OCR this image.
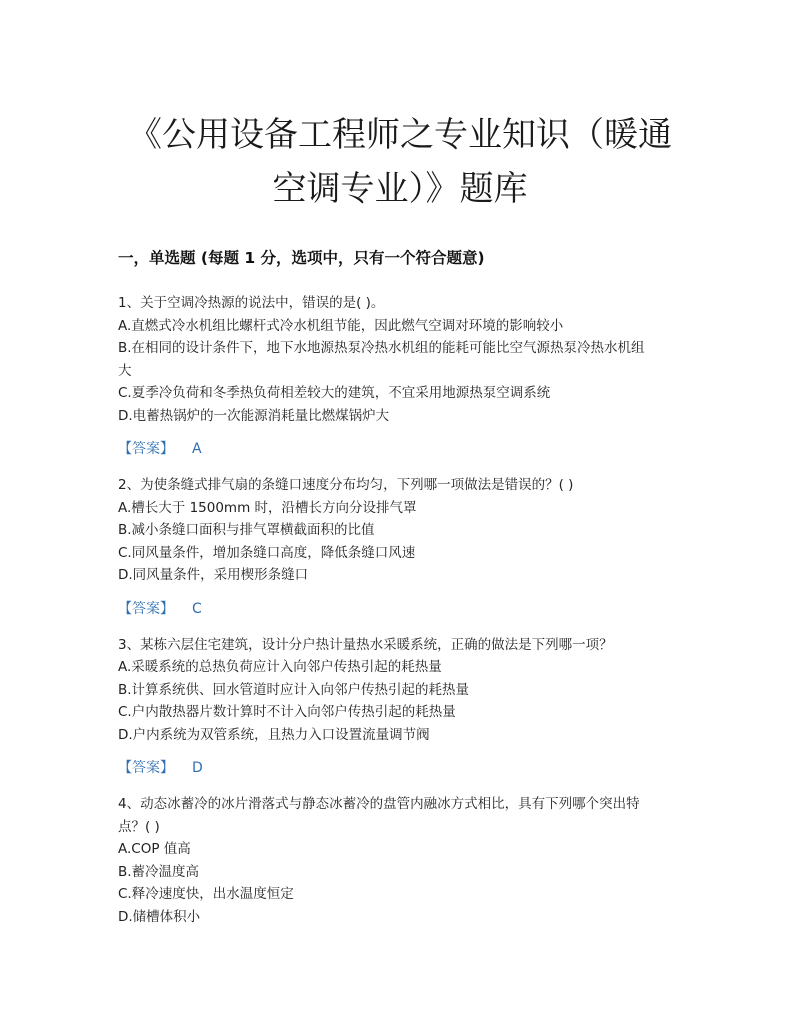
《公用设备工程师之专业知识（暖通
空调专业）》题库
一，单选题 (每题 1 分，选项中，只有一个符合题意)

1、关于空调冷热源的说法中，错误的是( )。

A.直燃式冷水机组比螺杆式冷水机组节能，因此燃气空调对环境的影响较小

B.在相同的设计条件下，地下水地源热泵冷热水机组的能耗可能比空气源热泵冷热水机组

大

C.夏季冷负荷和冬季热负荷相差较大的建筑，不宜采用地源热泵空调系统

D.电蓄热锅炉的一次能源消耗量比燃煤锅炉大

【答案】 A

2、为使条缝式排气扇的条缝口速度分布均匀，下列哪一项做法是错误的？( )

A.槽长大于 1500mm 时，沿槽长方向分设排气罩

B.减小条缝口面积与排气罩横截面积的比值

C.同风量条件，增加条缝口高度，降低条缝口风速

D.同风量条件，采用楔形条缝口

【答案】 C

3、某栋六层住宅建筑，设计分户热计量热水采暖系统，正确的做法是下列哪一项？

A.采暖系统的总热负荷应计入向邻户传热引起的耗热量

B.计算系统供、回水管道时应计入向邻户传热引起的耗热量

C.户内散热器片数计算时不计入向邻户传热引起的耗热量

D.户内系统为双管系统，且热力入口设置流量调节阀

【答案】 D

4、动态冰蓄冷的冰片滑落式与静态冰蓄冷的盘管内融冰方式相比，具有下列哪个突出特

点？( )

A.COP 值高

B.蓄冷温度高

C.释冷速度快，出水温度恒定

D.储槽体积小
